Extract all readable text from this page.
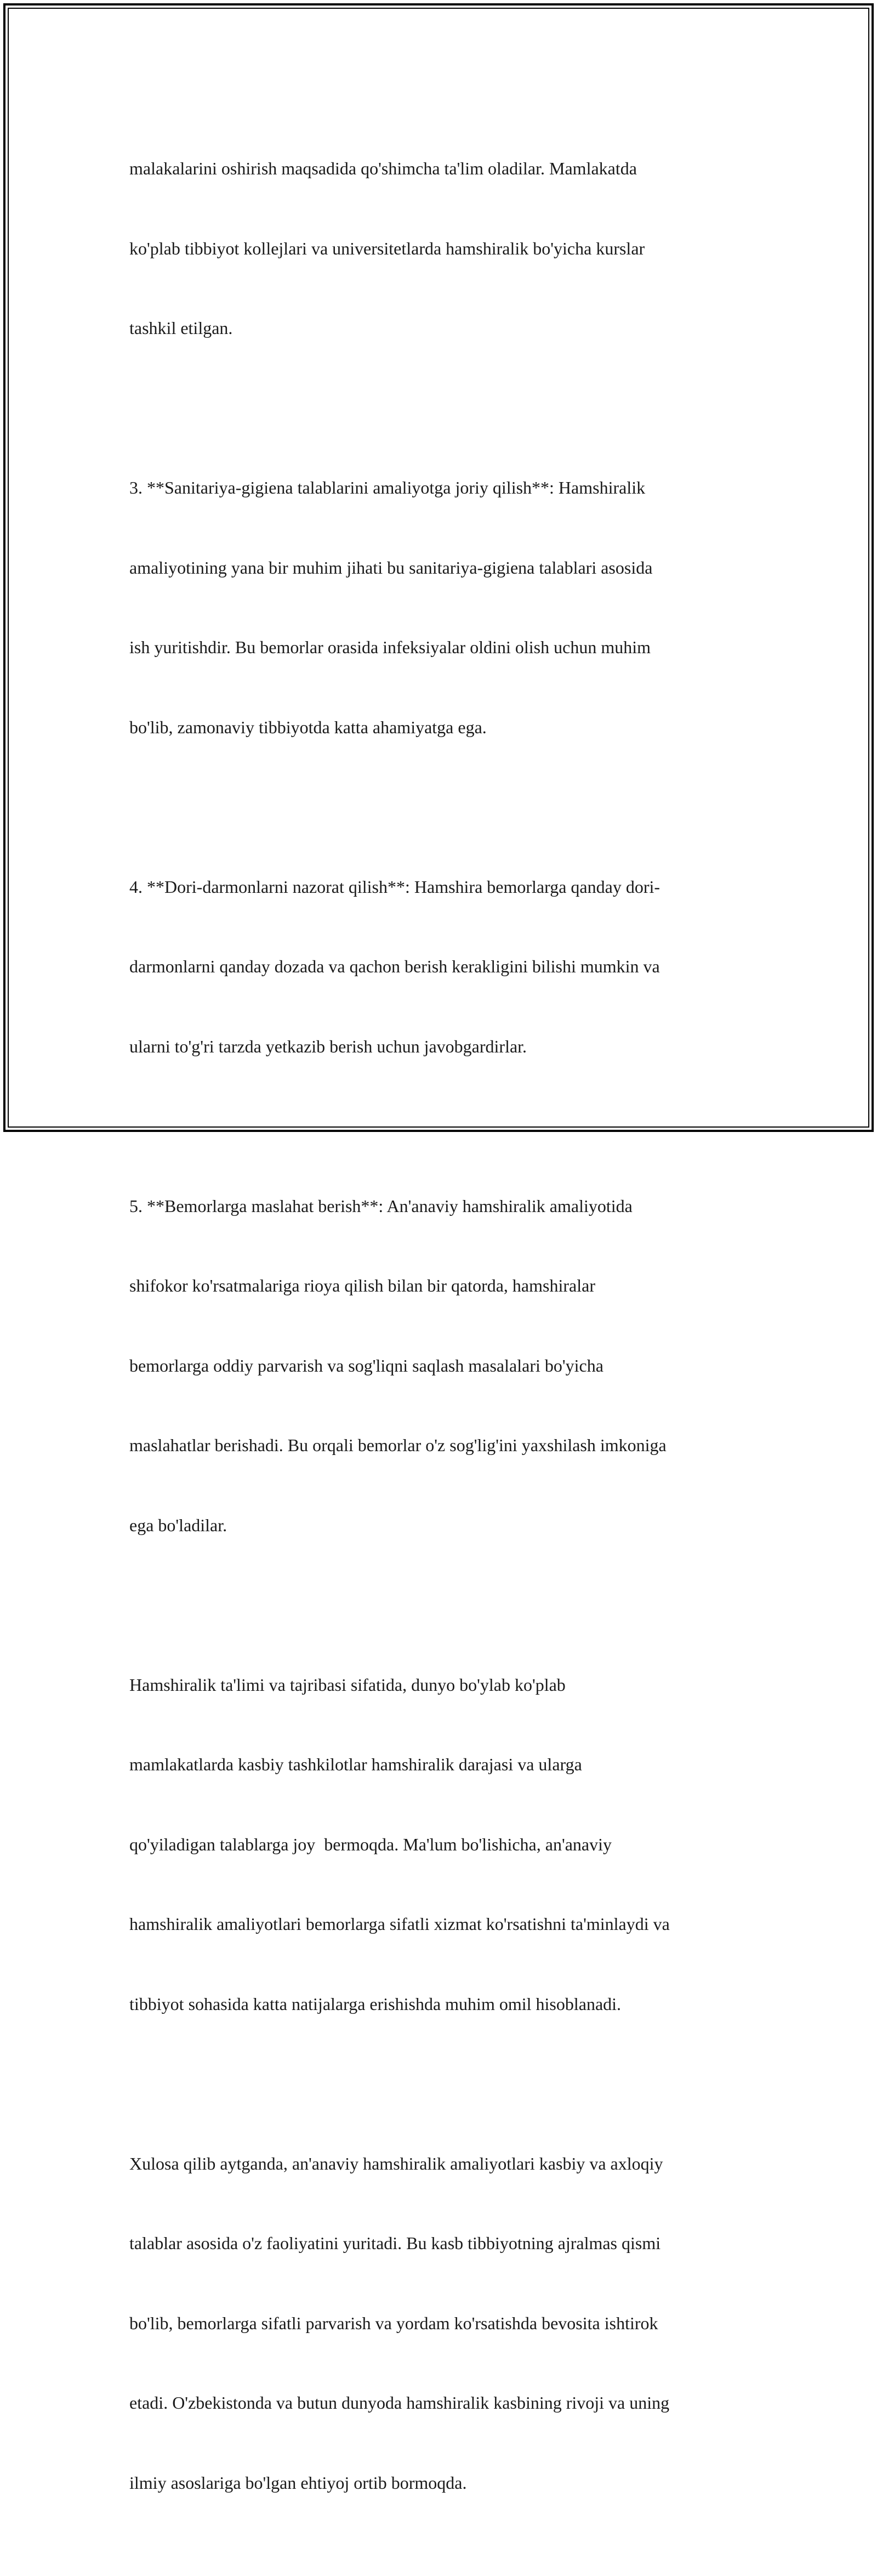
malakalarini oshirish maqsadida qo'shimcha ta'lim oladilar. Mamlakatda

ko'plab tibbiyot kollejlari va universitetlarda hamshiralik bo'yicha kurslar

tashkil etilgan.

3. **Sanitariya-gigiena talablarini amaliyotga joriy qilish**: Hamshiralik

amaliyotining yana bir muhim jihati bu sanitariya-gigiena talablari asosida

ish yuritishdir. Bu bemorlar orasida infeksiyalar oldini olish uchun muhim

bo'lib, zamonaviy tibbiyotda katta ahamiyatga ega.

4. **Dori-darmonlarni nazorat qilish**: Hamshira bemorlarga qanday dori-

darmonlarni qanday dozada va qachon berish kerakligini bilishi mumkin va

ularni to'g'ri tarzda yetkazib berish uchun javobgardirlar.

5. **Bemorlarga maslahat berish**: An'anaviy hamshiralik amaliyotida

shifokor ko'rsatmalariga rioya qilish bilan bir qatorda, hamshiralar

bemorlarga oddiy parvarish va sog'liqni saqlash masalalari bo'yicha

maslahatlar berishadi. Bu orqali bemorlar o'z sog'lig'ini yaxshilash imkoniga

ega bo'ladilar.

Hamshiralik ta'limi va tajribasi sifatida, dunyo bo'ylab ko'plab

mamlakatlarda kasbiy tashkilotlar hamshiralik darajasi va ularga

qo'yiladigan talablarga joy  bermoqda. Ma'lum bo'lishicha, an'anaviy

hamshiralik amaliyotlari bemorlarga sifatli xizmat ko'rsatishni ta'minlaydi va

tibbiyot sohasida katta natijalarga erishishda muhim omil hisoblanadi.

Xulosa qilib aytganda, an'anaviy hamshiralik amaliyotlari kasbiy va axloqiy

talablar asosida o'z faoliyatini yuritadi. Bu kasb tibbiyotning ajralmas qismi

bo'lib, bemorlarga sifatli parvarish va yordam ko'rsatishda bevosita ishtirok

etadi. O'zbekistonda va butun dunyoda hamshiralik kasbining rivoji va uning

ilmiy asoslariga bo'lgan ehtiyoj ortib bormoqda.
